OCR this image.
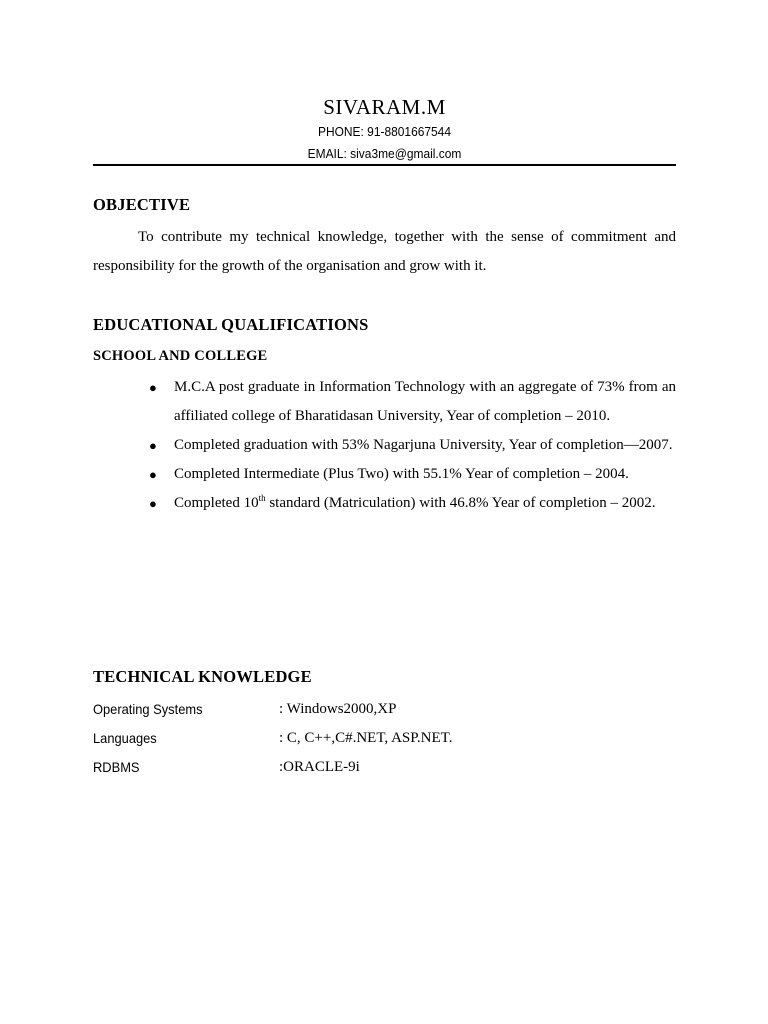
SIVARAM.M
PHONE: 91-8801667544
EMAIL: siva3me@gmail.com
OBJECTIVE
To contribute my technical knowledge, together with the sense of commitment and responsibility for the growth of the organisation and grow with it.
EDUCATIONAL QUALIFICATIONS
SCHOOL AND COLLEGE
● M.C.A post graduate in Information Technology with an aggregate of 73% from an affiliated college of Bharatidasan University, Year of completion – 2010.
● Completed graduation with 53% Nagarjuna University, Year of completion—2007.
● Completed Intermediate (Plus Two) with 55.1% Year of completion – 2004.
● Completed 10th standard (Matriculation) with 46.8% Year of completion – 2002.
TECHNICAL KNOWLEDGE
Operating Systems	: Windows2000,XP
Languages	: C, C++,C#.NET, ASP.NET.
RDBMS	:ORACLE-9i
